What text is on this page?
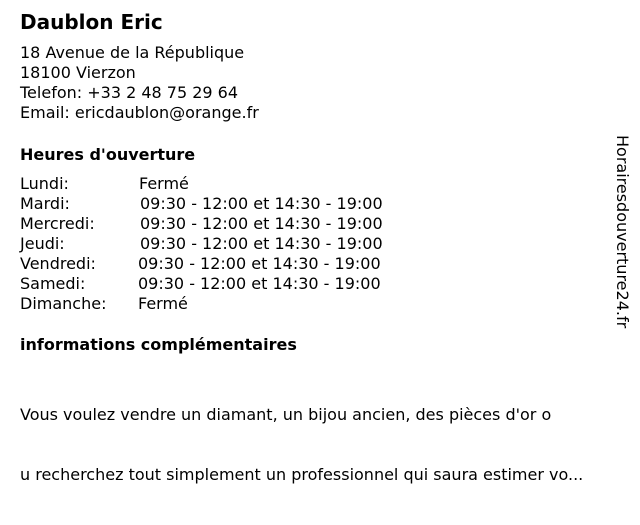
Daublon Eric
18 Avenue de la République
18100 Vierzon
Telefon: +33 2 48 75 29 64
Email: ericdaublon@orange.fr
Heures d'ouverture
Lundi:	Fermé
Mardi:	09:30 - 12:00 et 14:30 - 19:00
Mercredi:	09:30 - 12:00 et 14:30 - 19:00
Jeudi:	09:30 - 12:00 et 14:30 - 19:00
Vendredi:	09:30 - 12:00 et 14:30 - 19:00
Samedi:	09:30 - 12:00 et 14:30 - 19:00
Dimanche: Fermé
informations complémentaires

Vous voulez vendre un diamant, un bijou ancien, des pièces d'or o

u recherchez tout simplement un professionnel qui saura estimer vo...

Horairesdouverture24.fr
